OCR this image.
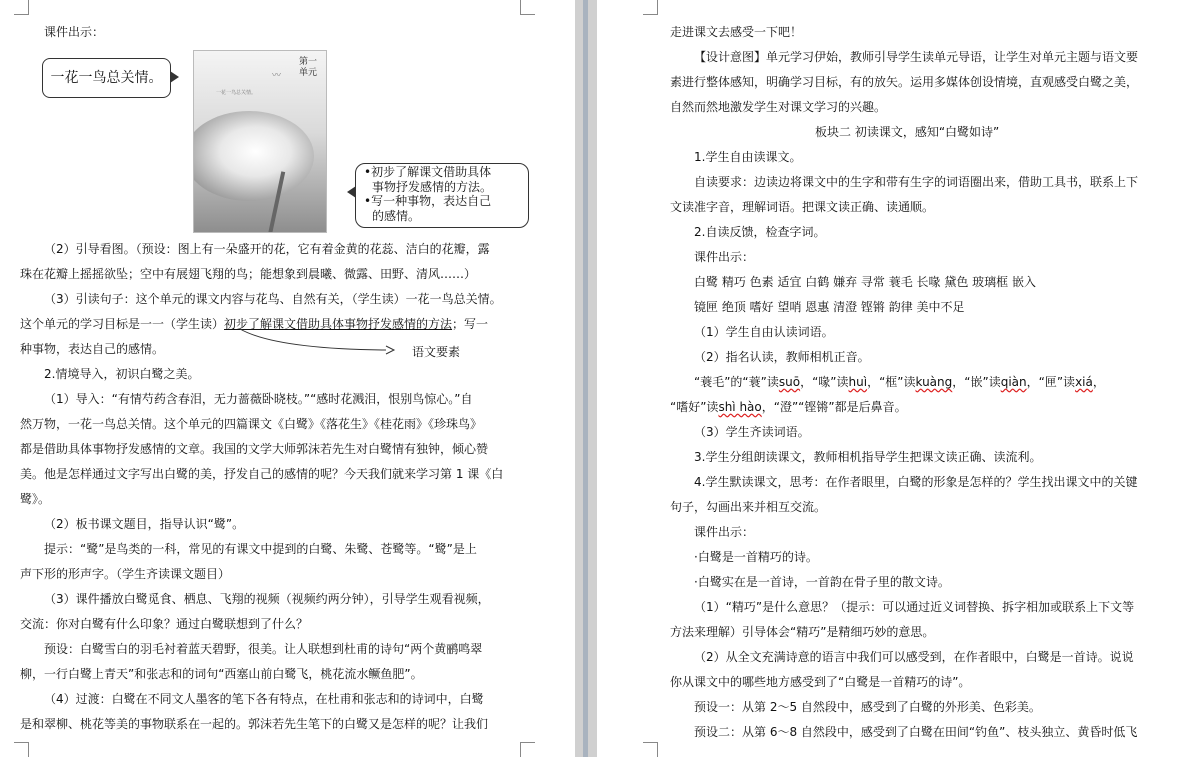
课件出示：
一花一鸟总关情。
第一单元
一花一鸟总关情。
〰
•初步了解课文借助具体
事物抒发感情的方法。
•写一种事物，表达自己
的感情。
（2）引导看图。（预设：图上有一朵盛开的花，它有着金黄的花蕊、洁白的花瓣，露
珠在花瓣上摇摇欲坠；空中有展翅飞翔的鸟；能想象到晨曦、微露、田野、清风……）
（3）引读句子：这个单元的课文内容与花鸟、自然有关，（学生读）一花一鸟总关情。
这个单元的学习目标是一一（学生读）初步了解课文借助具体事物抒发感情的方法；写一
种事物，表达自己的感情。	语文要素
2.情境导入，初识白鹭之美。
（1）导入：“有情芍药含春泪，无力蔷薇卧晓枝。”“感时花溅泪，恨别鸟惊心。”自
然万物，一花一鸟总关情。这个单元的四篇课文《白鹭》《落花生》《桂花雨》《珍珠鸟》
都是借助具体事物抒发感情的文章。我国的文学大师郭沫若先生对白鹭情有独钟，倾心赞
美。他是怎样通过文字写出白鹭的美，抒发自己的感情的呢？今天我们就来学习第 1 课《白
鹭》。
（2）板书课文题目，指导认识“鹭”。
提示：“鹭”是鸟类的一科，常见的有课文中提到的白鹭、朱鹭、苍鹭等。“鹭”是上
声下形的形声字。（学生齐读课文题目）
（3）课件播放白鹭觅食、栖息、飞翔的视频（视频约两分钟），引导学生观看视频，
交流：你对白鹭有什么印象？通过白鹭联想到了什么？
预设：白鹭雪白的羽毛衬着蓝天碧野，很美。让人联想到杜甫的诗句“两个黄鹂鸣翠
柳，一行白鹭上青天”和张志和的词句“西塞山前白鹭飞，桃花流水鳜鱼肥”。
（4）过渡：白鹭在不同文人墨客的笔下各有特点，在杜甫和张志和的诗词中，白鹭
是和翠柳、桃花等美的事物联系在一起的。郭沫若先生笔下的白鹭又是怎样的呢？让我们
走进课文去感受一下吧！
【设计意图】单元学习伊始，教师引导学生读单元导语，让学生对单元主题与语文要
素进行整体感知，明确学习目标，有的放矢。运用多媒体创设情境，直观感受白鹭之美，
自然而然地激发学生对课文学习的兴趣。
板块二 初读课文，感知“白鹭如诗”
1.学生自由读课文。
自读要求：边读边将课文中的生字和带有生字的词语圈出来，借助工具书，联系上下
文读准字音，理解词语。把课文读正确、读通顺。
2.自读反馈，检查字词。
课件出示：
白鹭 精巧 色素 适宜 白鹤 嫌弃 寻常 蓑毛 长喙 黛色 玻璃框 嵌入
镜匣 绝顶 嗜好 望哨 恩惠 清澄 铿锵 韵律 美中不足
（1）学生自由认读词语。
（2）指名认读，教师相机正音。
“蓑毛”的“蓑”读suō，“喙”读huì，“框”读kuàng，“嵌”读qiàn，“匣”读xiá，
“嗜好”读shì hào，“澄”“铿锵”都是后鼻音。
（3）学生齐读词语。
3.学生分组朗读课文，教师相机指导学生把课文读正确、读流利。
4.学生默读课文，思考：在作者眼里，白鹭的形象是怎样的？学生找出课文中的关键
句子，勾画出来并相互交流。
课件出示：
·白鹭是一首精巧的诗。
·白鹭实在是一首诗，一首韵在骨子里的散文诗。
（1）“精巧”是什么意思？（提示：可以通过近义词替换、拆字相加或联系上下文等
方法来理解）引导体会“精巧”是精细巧妙的意思。
（2）从全文充满诗意的语言中我们可以感受到，在作者眼中，白鹭是一首诗。说说
你从课文中的哪些地方感受到了“白鹭是一首精巧的诗”。
预设一：从第 2～5 自然段中，感受到了白鹭的外形美、色彩美。
预设二：从第 6～8 自然段中，感受到了白鹭在田间“钓鱼”、枝头独立、黄昏时低飞
